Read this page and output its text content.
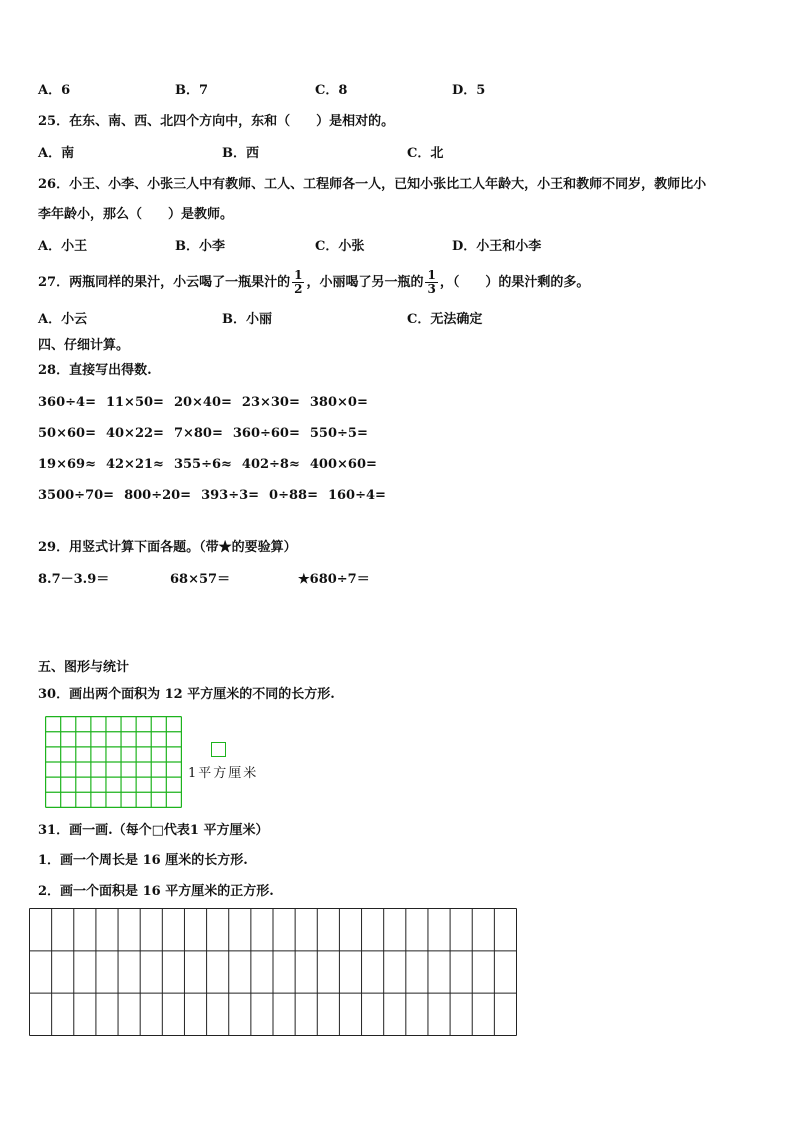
A．6	B．7	C．8	D．5
25．在东、南、西、北四个方向中，东和（　　）是相对的。
A．南	B．西	C．北
26．小王、小李、小张三人中有教师、工人、工程师各一人，已知小张比工人年龄大，小王和教师不同岁，教师比小
李年龄小，那么（　　）是教师。
A．小王	B．小李	C．小张	D．小王和小李
27．两瓶同样的果汁，小云喝了一瓶果汁的 $\frac{1}{2}$ ，小丽喝了另一瓶的 $\frac{1}{3}$ ，（　　）的果汁剩的多。
A．小云	B．小丽	C．无法确定
四、仔细计算。
28．直接写出得数.
360÷4= 11×50= 20×40= 23×30= 380×0=
50×60= 40×22= 7×80= 360÷60= 550÷5=
19×69≈ 42×21≈ 355÷6≈ 402÷8≈ 400×60=
3500÷70= 800÷20= 393÷3= 0÷88= 160÷4=
29．用竖式计算下面各题。（带★的要验算）
8.7－3.9＝	68×57＝	★680÷7＝
五、图形与统计
30．画出两个面积为 12 平方厘米的不同的长方形.
1平方厘米
31．画一画.（每个□代表1 平方厘米）
1．画一个周长是 16 厘米的长方形.
2．画一个面积是 16 平方厘米的正方形.
